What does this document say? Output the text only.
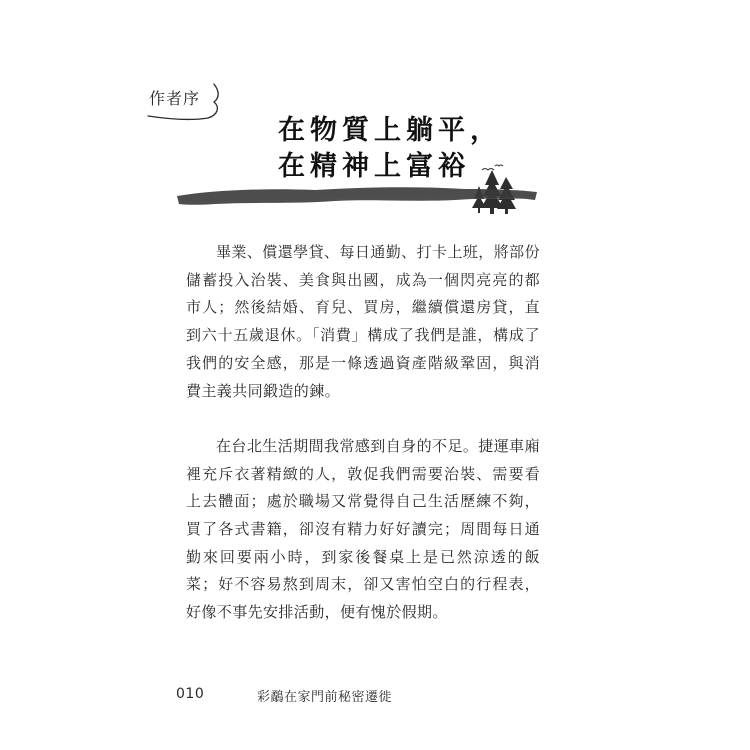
作者序
在物質上躺平，
在精神上富裕

畢業、償還學貸、每日通勤、打卡上班，將部份儲蓄投入治裝、美食與出國，成為一個閃亮亮的都市人；然後結婚、育兒、買房，繼續償還房貸，直到六十五歲退休。「消費」構成了我們是誰，構成了我們的安全感，那是一條透過資產階級鞏固，與消費主義共同鍛造的鍊。

在台北生活期間我常感到自身的不足。捷運車廂裡充斥衣著精緻的人，敦促我們需要治裝、需要看上去體面；處於職場又常覺得自己生活歷練不夠，買了各式書籍，卻沒有精力好好讀完；周間每日通勤來回要兩小時，到家後餐桌上是已然涼透的飯菜；好不容易熬到周末，卻又害怕空白的行程表，好像不事先安排活動，便有愧於假期。

010	彩鷸在家門前秘密遷徙
